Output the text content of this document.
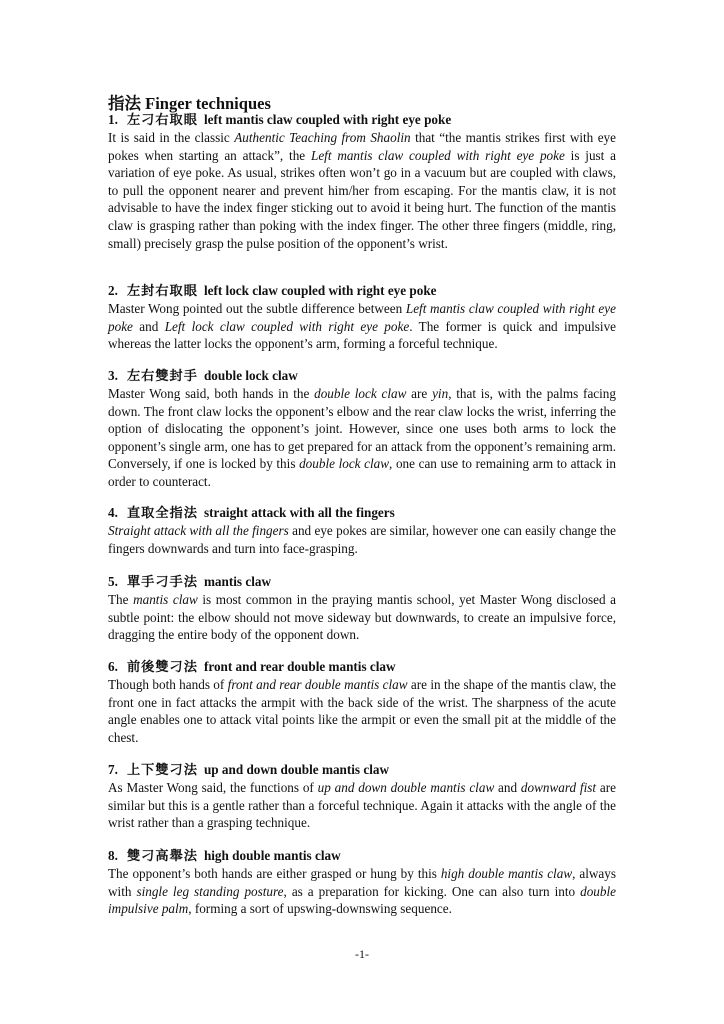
指法 Finger techniques
1. 左刁右取眼 left mantis claw coupled with right eye poke

It is said in the classic Authentic Teaching from Shaolin that “the mantis strikes first with eye pokes when starting an attack”, the Left mantis claw coupled with right eye poke is just a variation of eye poke. As usual, strikes often won’t go in a vacuum but are coupled with claws, to pull the opponent nearer and prevent him/her from escaping. For the mantis claw, it is not advisable to have the index finger sticking out to avoid it being hurt. The function of the mantis claw is grasping rather than poking with the index finger. The other three fingers (middle, ring, small) precisely grasp the pulse position of the opponent’s wrist.

2. 左封右取眼 left lock claw coupled with right eye poke

Master Wong pointed out the subtle difference between Left mantis claw coupled with right eye poke and Left lock claw coupled with right eye poke. The former is quick and impulsive whereas the latter locks the opponent’s arm, forming a forceful technique.

3. 左右雙封手 double lock claw

Master Wong said, both hands in the double lock claw are yin, that is, with the palms facing down. The front claw locks the opponent’s elbow and the rear claw locks the wrist, inferring the option of dislocating the opponent’s joint. However, since one uses both arms to lock the opponent’s single arm, one has to get prepared for an attack from the opponent’s remaining arm. Conversely, if one is locked by this double lock claw, one can use to remaining arm to attack in order to counteract.

4. 直取全指法 straight attack with all the fingers

Straight attack with all the fingers and eye pokes are similar, however one can easily change the fingers downwards and turn into face-grasping.

5. 單手刁手法 mantis claw

The mantis claw is most common in the praying mantis school, yet Master Wong disclosed a subtle point: the elbow should not move sideway but downwards, to create an impulsive force, dragging the entire body of the opponent down.

6. 前後雙刁法 front and rear double mantis claw

Though both hands of front and rear double mantis claw are in the shape of the mantis claw, the front one in fact attacks the armpit with the back side of the wrist. The sharpness of the acute angle enables one to attack vital points like the armpit or even the small pit at the middle of the chest.

7. 上下雙刁法 up and down double mantis claw

As Master Wong said, the functions of up and down double mantis claw and downward fist are similar but this is a gentle rather than a forceful technique. Again it attacks with the angle of the wrist rather than a grasping technique.

8. 雙刁高舉法 high double mantis claw

The opponent’s both hands are either grasped or hung by this high double mantis claw, always with single leg standing posture, as a preparation for kicking. One can also turn into double impulsive palm, forming a sort of upswing-downswing sequence.

-1-
